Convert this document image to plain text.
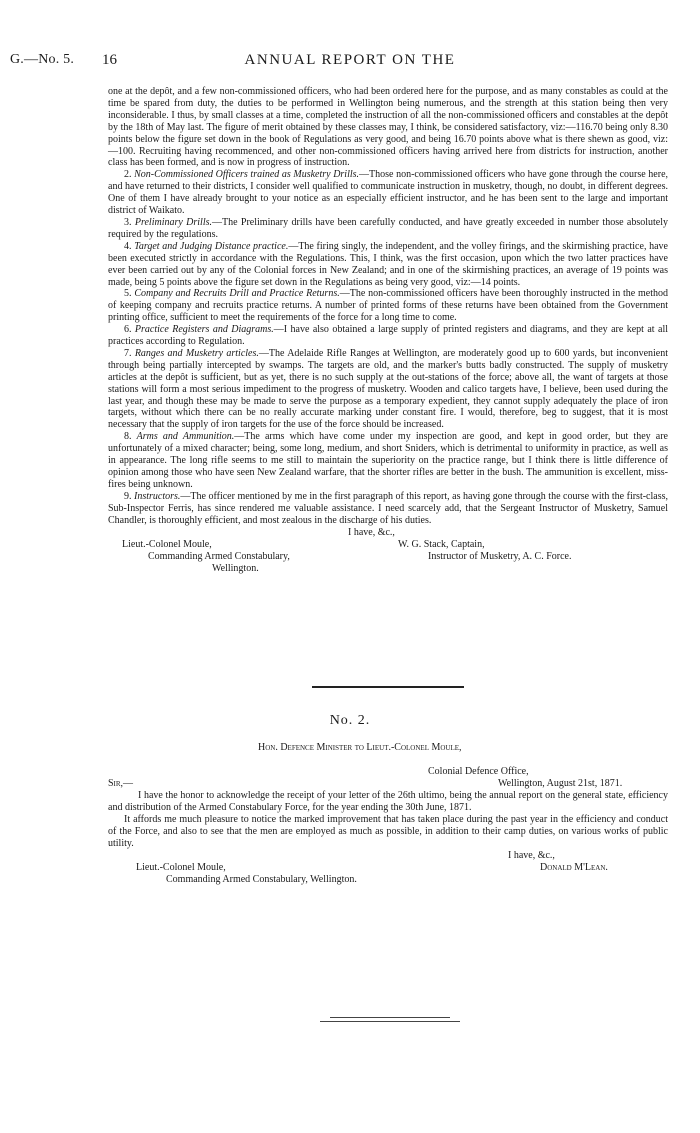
G.—No. 5. 16	ANNUAL REPORT ON THE

one at the depôt, and a few non-commissioned officers, who had been ordered here for the purpose, and as many constables as could at the time be spared from duty, the duties to be performed in Wellington being numerous, and the strength at this station being then very inconsiderable. I thus, by small classes at a time, completed the instruction of all the non-commissioned officers and constables at the depôt by the 18th of May last. The figure of merit obtained by these classes may, I think, be considered satisfactory, viz:—116.70 being only 8.30 points below the figure set down in the book of Regulations as very good, and being 16.70 points above what is there shewn as good, viz:—100. Recruiting having recommenced, and other non-commissioned officers having arrived here from districts for instruction, another class has been formed, and is now in progress of instruction.

2. Non-Commissioned Officers trained as Musketry Drills.—Those non-commissioned officers who have gone through the course here, and have returned to their districts, I consider well qualified to communicate instruction in musketry, though, no doubt, in different degrees. One of them I have already brought to your notice as an especially efficient instructor, and he has been sent to the large and important district of Waikato.

3. Preliminary Drills.—The Preliminary drills have been carefully conducted, and have greatly exceeded in number those absolutely required by the regulations.

4. Target and Judging Distance practice.—The firing singly, the independent, and the volley firings, and the skirmishing practice, have been executed strictly in accordance with the Regulations. This, I think, was the first occasion, upon which the two latter practices have ever been carried out by any of the Colonial forces in New Zealand; and in one of the skirmishing practices, an average of 19 points was made, being 5 points above the figure set down in the Regulations as being very good, viz:—14 points.

5. Company and Recruits Drill and Practice Returns.—The non-commissioned officers have been thoroughly instructed in the method of keeping company and recruits practice returns. A number of printed forms of these returns have been obtained from the Government printing office, sufficient to meet the requirements of the force for a long time to come.

6. Practice Registers and Diagrams.—I have also obtained a large supply of printed registers and diagrams, and they are kept at all practices according to Regulation.

7. Ranges and Musketry articles.—The Adelaide Rifle Ranges at Wellington, are moderately good up to 600 yards, but inconvenient through being partially intercepted by swamps. The targets are old, and the marker's butts badly constructed. The supply of musketry articles at the depôt is sufficient, but as yet, there is no such supply at the out-stations of the force; above all, the want of targets at those stations will form a most serious impediment to the progress of musketry. Wooden and calico targets have, I believe, been used during the last year, and though these may be made to serve the purpose as a temporary expedient, they cannot supply adequately the place of iron targets, without which there can be no really accurate marking under constant fire. I would, therefore, beg to suggest, that it is most necessary that the supply of iron targets for the use of the force should be increased.

8. Arms and Ammunition.—The arms which have come under my inspection are good, and kept in good order, but they are unfortunately of a mixed character; being, some long, medium, and short Sniders, which is detrimental to uniformity in practice, as well as in appearance. The long rifle seems to me still to maintain the superiority on the practice range, but I think there is little difference of opinion among those who have seen New Zealand warfare, that the shorter rifles are better in the bush. The ammunition is excellent, miss-fires being unknown.

9. Instructors.—The officer mentioned by me in the first paragraph of this report, as having gone through the course with the first-class, Sub-Inspector Ferris, has since rendered me valuable assistance. I need scarcely add, that the Sergeant Instructor of Musketry, Samuel Chandler, is thoroughly efficient, and most zealous in the discharge of his duties.

I have, &c.,
Lieut.-Colonel Moule,
Commanding Armed Constabulary,
Wellington.
W. G. Stack, Captain,
Instructor of Musketry, A. C. Force.
No. 2.
Hon. Defence Minister to Lieut.-Colonel Moule,
Colonial Defence Office,
Sir,—	Wellington, August 21st, 1871.

I have the honor to acknowledge the receipt of your letter of the 26th ultimo, being the annual report on the general state, efficiency and distribution of the Armed Constabulary Force, for the year ending the 30th June, 1871.

It affords me much pleasure to notice the marked improvement that has taken place during the past year in the efficiency and conduct of the Force, and also to see that the men are employed as much as possible, in addition to their camp duties, on various works of public utility.

I have, &c.,
Lieut.-Colonel Moule,	Donald M'Lean.
Commanding Armed Constabulary, Wellington.
